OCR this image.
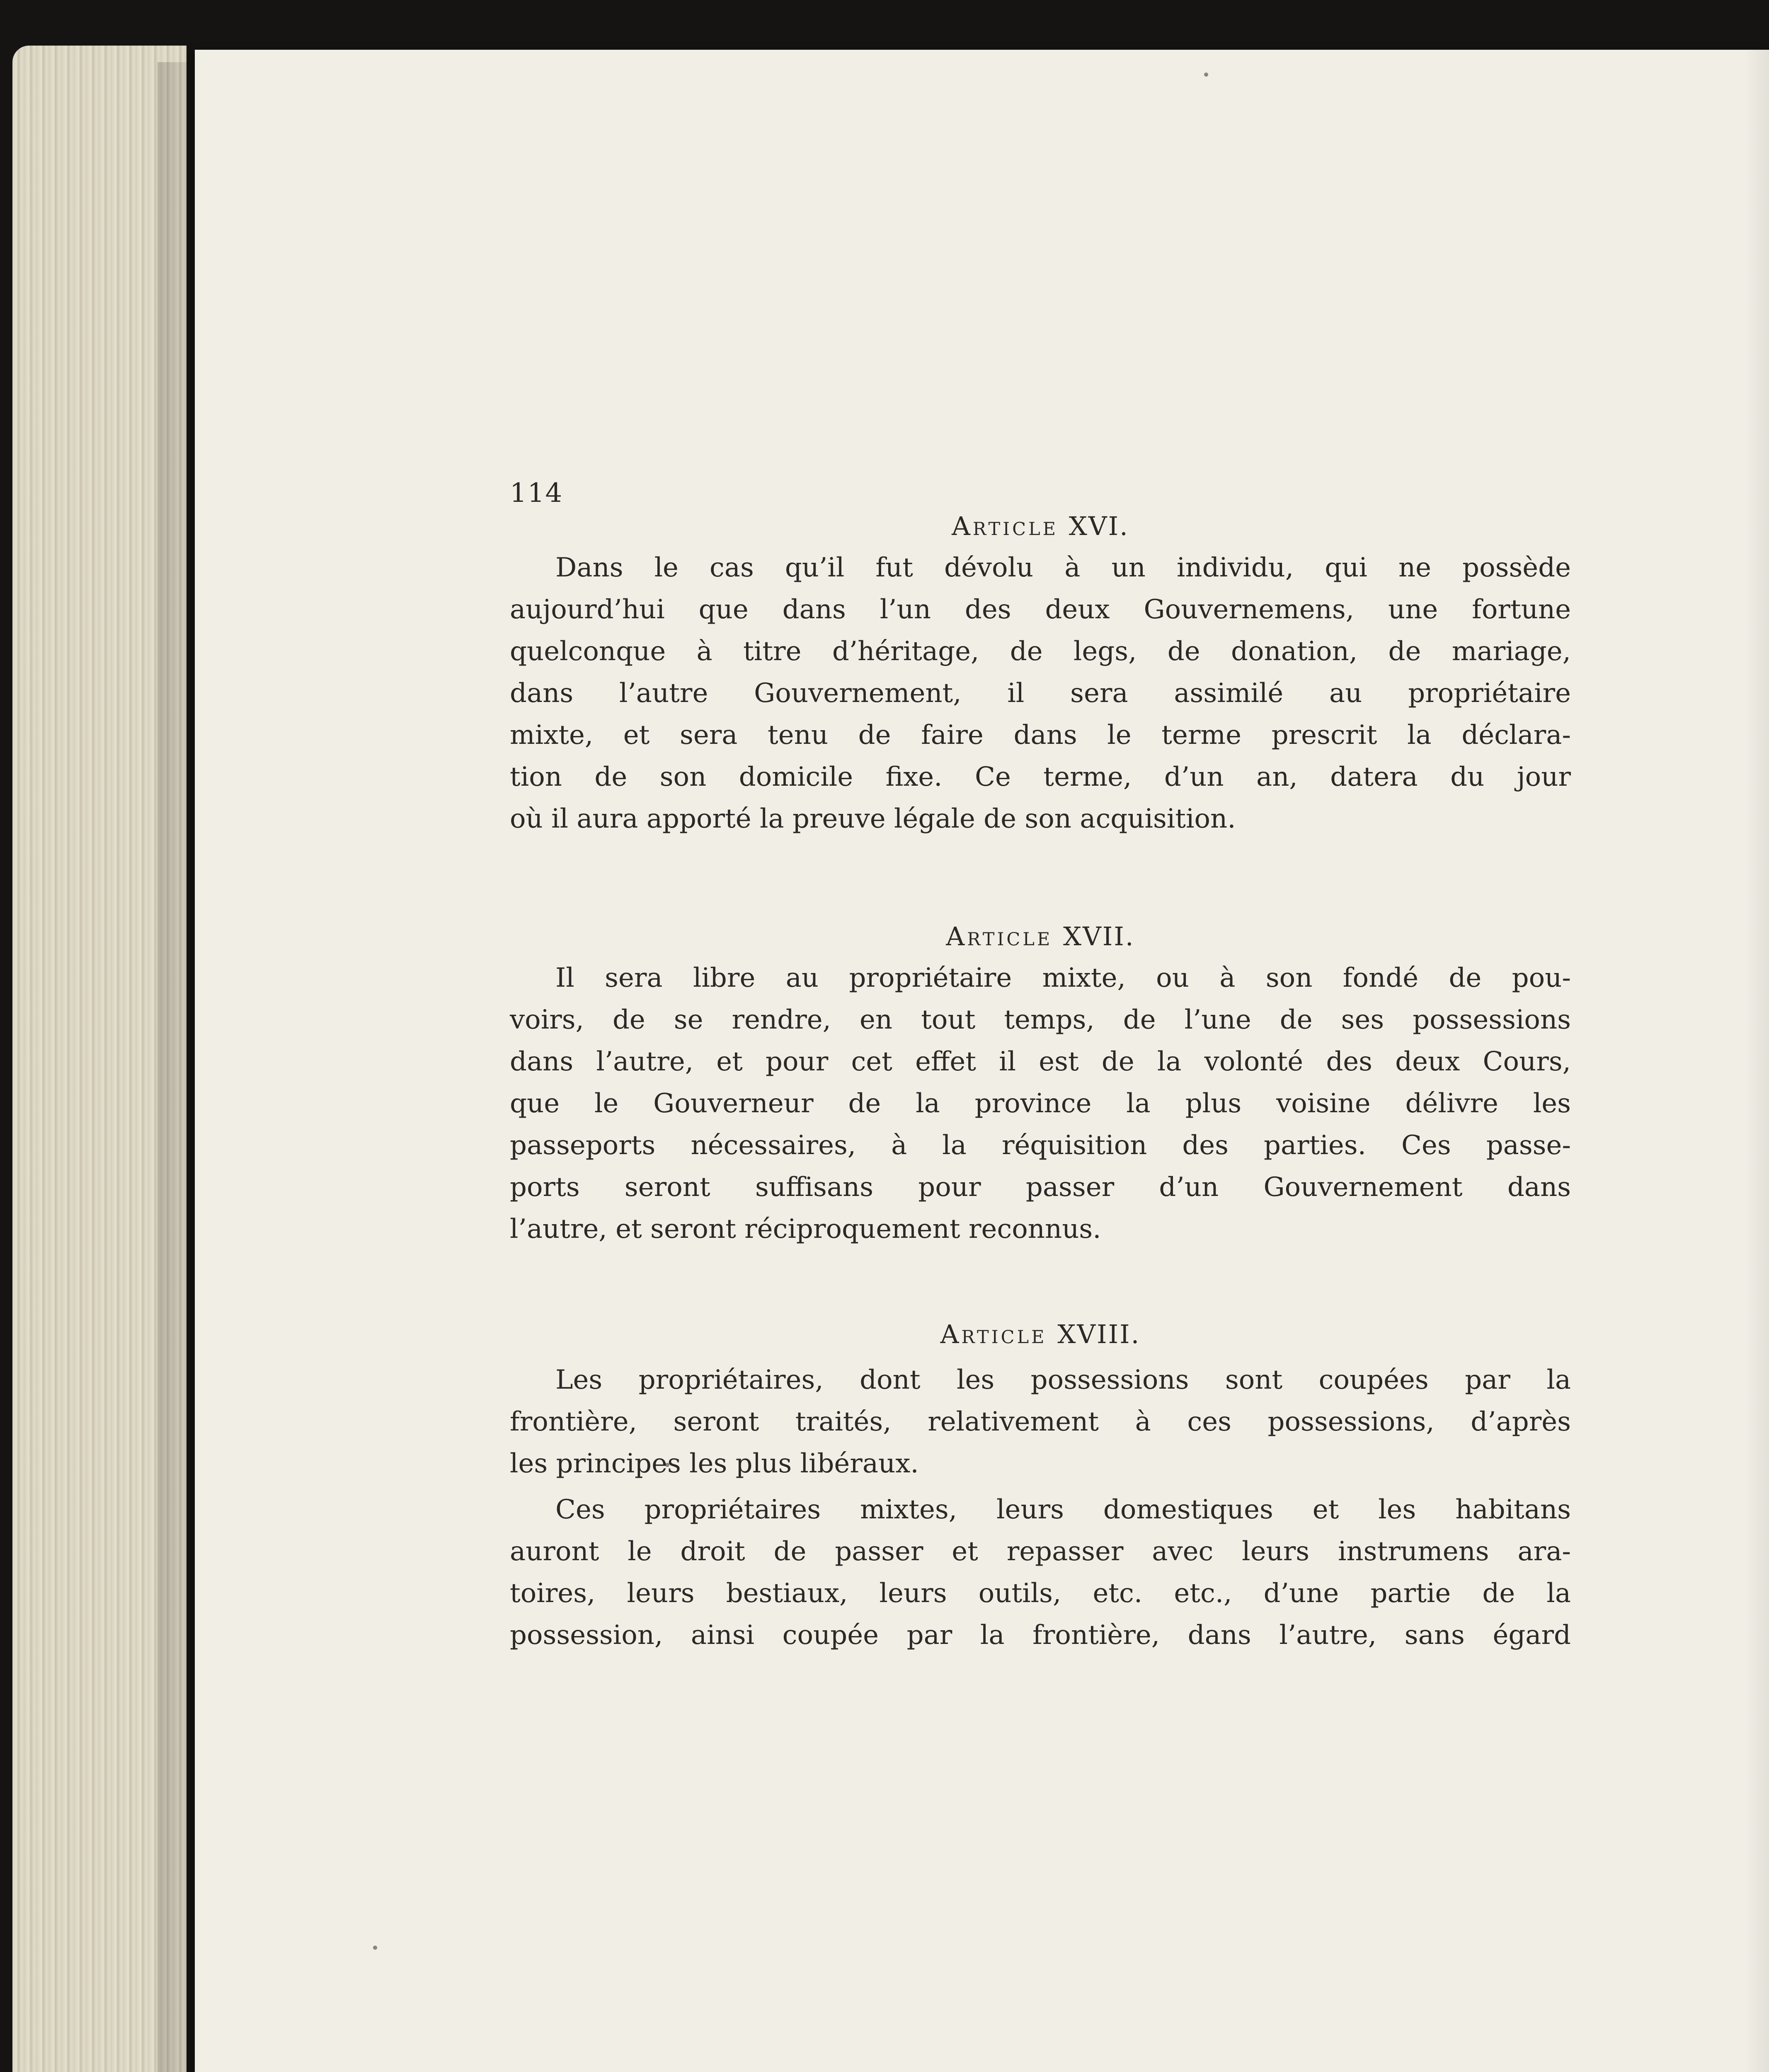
114
Article XVI.
Dans le cas qu’il fut dévolu à un individu, qui ne possède
aujourd’hui que dans l’un des deux Gouvernemens, une fortune
quelconque à titre d’héritage, de legs, de donation, de mariage,
dans l’autre Gouvernement, il sera assimilé au propriétaire
mixte, et sera tenu de faire dans le terme prescrit la déclara-
tion de son domicile fixe. Ce terme, d’un an, datera du jour
où il aura apporté la preuve légale de son acquisition.
Article XVII.
Il sera libre au propriétaire mixte, ou à son fondé de pou-
voirs, de se rendre, en tout temps, de l’une de ses possessions
dans l’autre, et pour cet effet il est de la volonté des deux Cours,
que le Gouverneur de la province la plus voisine délivre les
passeports nécessaires, à la réquisition des parties. Ces passe-
ports seront suffisans pour passer d’un Gouvernement dans
l’autre, et seront réciproquement reconnus.
Article XVIII.
Les propriétaires, dont les possessions sont coupées par la
frontière, seront traités, relativement à ces possessions, d’après
les principes les plus libéraux.
Ces propriétaires mixtes, leurs domestiques et les habitans
auront le droit de passer et repasser avec leurs instrumens ara-
toires, leurs bestiaux, leurs outils, etc. etc., d’une partie de la
possession, ainsi coupée par la frontière, dans l’autre, sans égard
